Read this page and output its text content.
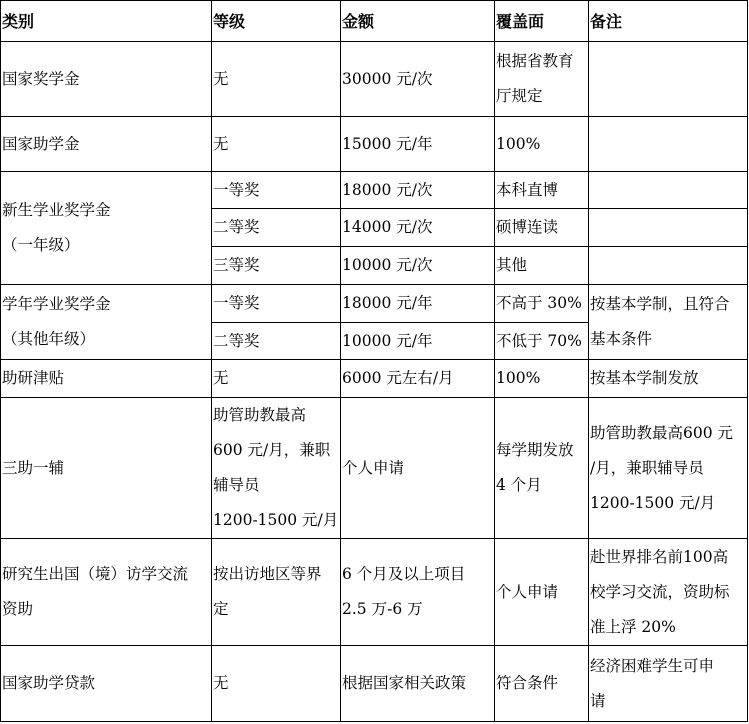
类别	等级	金额	覆盖面	备注
国家奖学金	无	30000 元/次	根据省教育
厅规定	
国家助学金	无	15000 元/年	100%	
新生学业奖学金
（一年级）	一等奖	18000 元/次	本科直博	
	二等奖	14000 元/次	硕博连读	
	三等奖	10000 元/次	其他	
学年学业奖学金
（其他年级）	一等奖	18000 元/年	不高于 30%	按基本学制，且符合
基本条件
	二等奖	10000 元/年	不低于 70%	
助研津贴	无	6000 元左右/月	100%	按基本学制发放
三助一辅	助管助教最高
600 元/月，兼职
辅导员
1200-1500 元/月	个人申请	每学期发放
4 个月	助管助教最高600 元
/月，兼职辅导员
1200-1500 元/月
研究生出国（境）访学交流
资助	按出访地区等界
定	6 个月及以上项目
2.5 万-6 万	个人申请	赴世界排名前100高
校学习交流，资助标
准上浮 20%
国家助学贷款	无	根据国家相关政策	符合条件	经济困难学生可申
请
